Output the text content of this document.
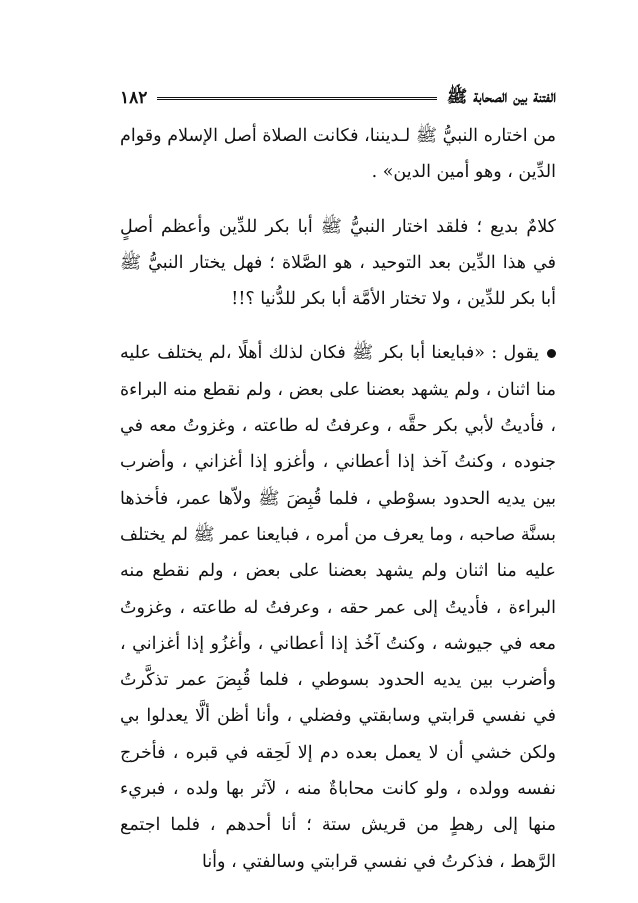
الفتنة بين الصحابة ﷺ
١٨٢

من اختاره النبيُّ ﷺ لـديننا، فكانت الصلاة أصل الإسلام وقوام الدِّين ، وهو أمين الدين» .

كلامٌ بديع ؛ فلقد اختار النبيُّ ﷺ أبا بكر للدِّين وأعظم أصلٍ في هذا الدِّين بعد التوحيد ، هو الصَّلاة ؛ فهل يختار النبيُّ ﷺ أبا بكر للدِّين ، ولا تختار الأمَّة أبا بكر للدُّنيا ؟!!

يقول : «فبايعنا أبا بكر ﷺ فكان لذلك أهلًا ،لم يختلف عليه منا اثنان ، ولم يشهد بعضنا على بعض ، ولم نقطع منه البراءة ، فأديتُ لأبي بكر حقَّه ، وعرفتُ له طاعته ، وغزوتُ معه في جنوده ، وكنتُ آخذ إذا أعطاني ، وأغزو إذا أغزاني ، وأضرب بين يديه الحدود بسوْطي ، فلما قُبِضَ ﷺ ولاّها عمر، فأخذها بسنَّة صاحبه ، وما يعرف من أمره ، فبايعنا عمر ﷺ لم يختلف عليه منا اثنان ولم يشهد بعضنا على بعض ، ولم نقطع منه البراءة ، فأديتُ إلى عمر حقه ، وعرفتُ له طاعته ، وغزوتُ معه في جيوشه ، وكنتُ آخُذ إذا أعطاني ، وأغزُو إذا أغزاني ، وأضرب بين يديه الحدود بسوطي ، فلما قُبِضَ عمر تذكَّرتُ في نفسي قرابتي وسابقتي وفضلي ، وأنا أظن ألَّا يعدلوا بي ولكن خشي أن لا يعمل بعده دم إلا لَحِقه في قبره ، فأخرج نفسه وولده ، ولو كانت محاباةٌ منه ، لآثر بها ولده ، فبريء منها إلى رهطٍ من قريش ستة ؛ أنا أحدهم ، فلما اجتمع الرَّهط ، فذكرتُ في نفسي قرابتي وسالفتي ، وأنا
